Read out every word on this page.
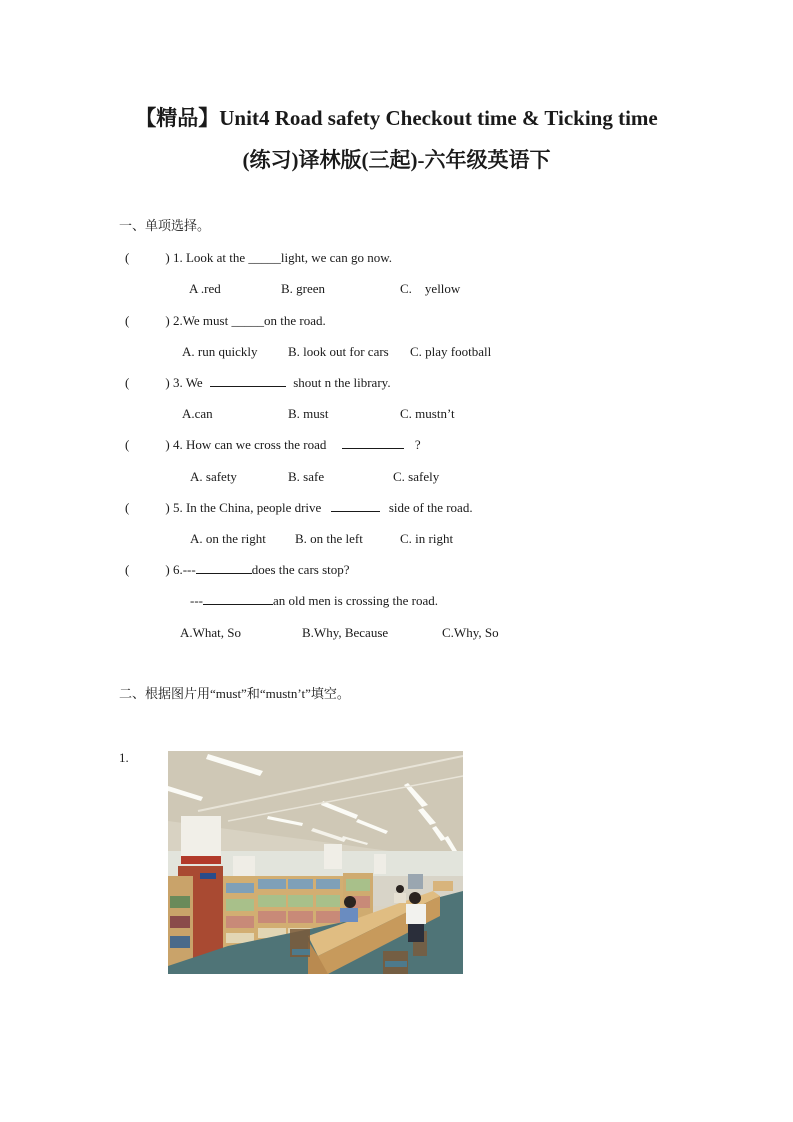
【精品】Unit4 Road safety Checkout time & Ticking time
(练习)译林版(三起)-六年级英语下
一、单项选择。
(	) 1. Look at the _____light, we can go now.
A .red	B. green	C.    yellow
(	) 2.We must _____on the road.
A. run quickly B. look out for cars C. play football
(	) 3. We	shout n the library.
A.can	B. must	C. mustn’t
(	) 4. How can we cross the road	?
A. safety	B. safe	C. safely
(	) 5. In the China, people drive	side of the road.
A. on the right B. on the left	C. in right
(	) 6.---	does the cars stop?
---	an old men is crossing the road.
A.What, So	B.Why, Because	C.Why, So
二、根据图片用“must”和“mustn’t”填空。
1.
